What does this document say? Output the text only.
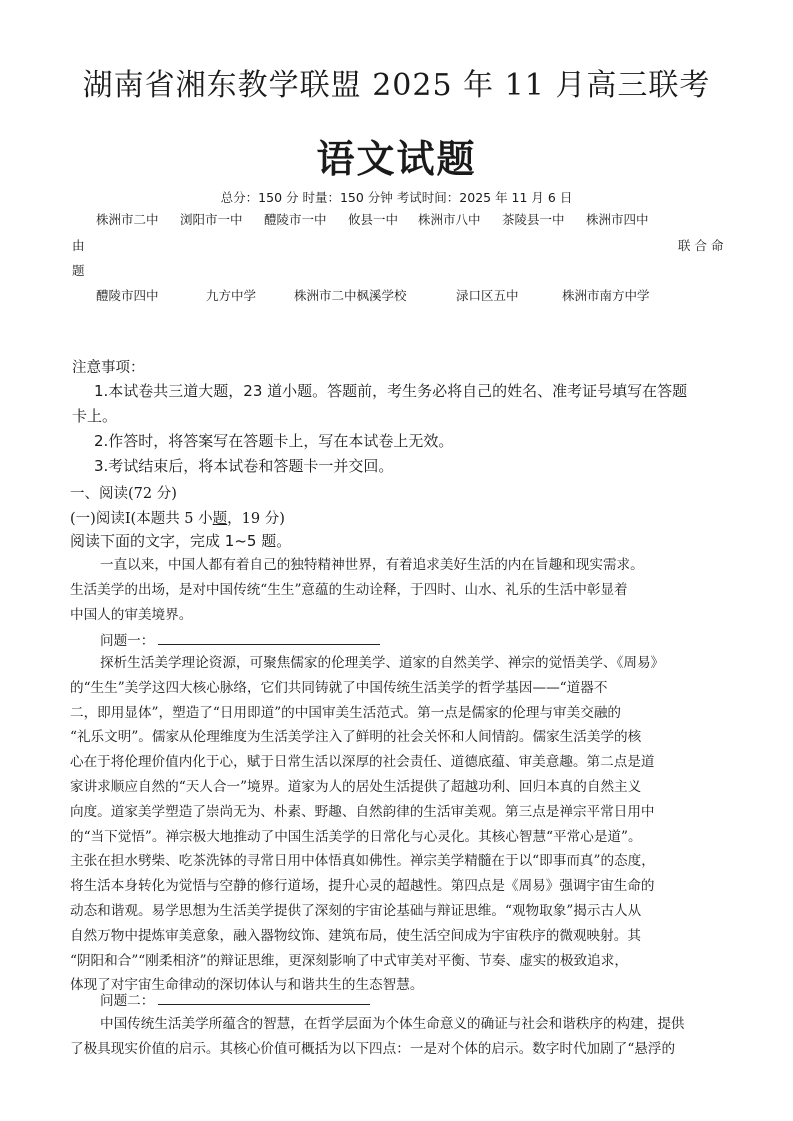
湖南省湘东教学联盟 2025 年 11 月高三联考
语文试题
总分：150 分 时量：150 分钟 考试时间：2025 年 11 月 6 日
株洲市二中 浏阳市一中 醴陵市一中 攸县一中 株洲市八中 茶陵县一中 株洲市四中
由	联合命
题
醴陵市四中	九方中学	株洲市二中枫溪学校	渌口区五中	株洲市南方中学
注意事项：
1.本试卷共三道大题，23 道小题。答题前，考生务必将自己的姓名、准考证号填写在答题
卡上。
2.作答时，将答案写在答题卡上，写在本试卷上无效。
3.考试结束后，将本试卷和答题卡一并交回。
一、阅读(72 分)
(一)阅读Ⅰ(本题共 5 小题，19 分)
阅读下面的文字，完成 1~5 题。
一直以来，中国人都有着自己的独特精神世界，有着追求美好生活的内在旨趣和现实需求。
生活美学的出场，是对中国传统“生生”意蕴的生动诠释，于四时、山水、礼乐的生活中彰显着
中国人的审美境界。
问题一：
探析生活美学理论资源，可聚焦儒家的伦理美学、道家的自然美学、禅宗的觉悟美学、《周易》
的“生生”美学这四大核心脉络，它们共同铸就了中国传统生活美学的哲学基因——“道器不
二，即用显体”，塑造了“日用即道”的中国审美生活范式。第一点是儒家的伦理与审美交融的
“礼乐文明”。儒家从伦理维度为生活美学注入了鲜明的社会关怀和人间情韵。儒家生活美学的核
心在于将伦理价值内化于心，赋于日常生活以深厚的社会责任、道德底蕴、审美意趣。第二点是道
家讲求顺应自然的“天人合一”境界。道家为人的居处生活提供了超越功利、回归本真的自然主义
向度。道家美学塑造了崇尚无为、朴素、野趣、自然韵律的生活审美观。第三点是禅宗平常日用中
的“当下觉悟”。禅宗极大地推动了中国生活美学的日常化与心灵化。其核心智慧“平常心是道”。
主张在担水劈柴、吃茶洗钵的寻常日用中体悟真如佛性。禅宗美学精髓在于以“即事而真”的态度，
将生活本身转化为觉悟与空静的修行道场，提升心灵的超越性。第四点是《周易》强调宇宙生命的
动态和谐观。易学思想为生活美学提供了深刻的宇宙论基础与辩证思维。“观物取象”揭示古人从
自然万物中提炼审美意象，融入器物纹饰、建筑布局，使生活空间成为宇宙秩序的微观映射。其
“阴阳和合”“刚柔相济”的辩证思维，更深刻影响了中式审美对平衡、节奏、虚实的极致追求，
体现了对宇宙生命律动的深切体认与和谐共生的生态智慧。
问题二：
中国传统生活美学所蕴含的智慧，在哲学层面为个体生命意义的确证与社会和谐秩序的构建，提供
了极具现实价值的启示。其核心价值可概括为以下四点：一是对个体的启示。数字时代加剧了“悬浮的
